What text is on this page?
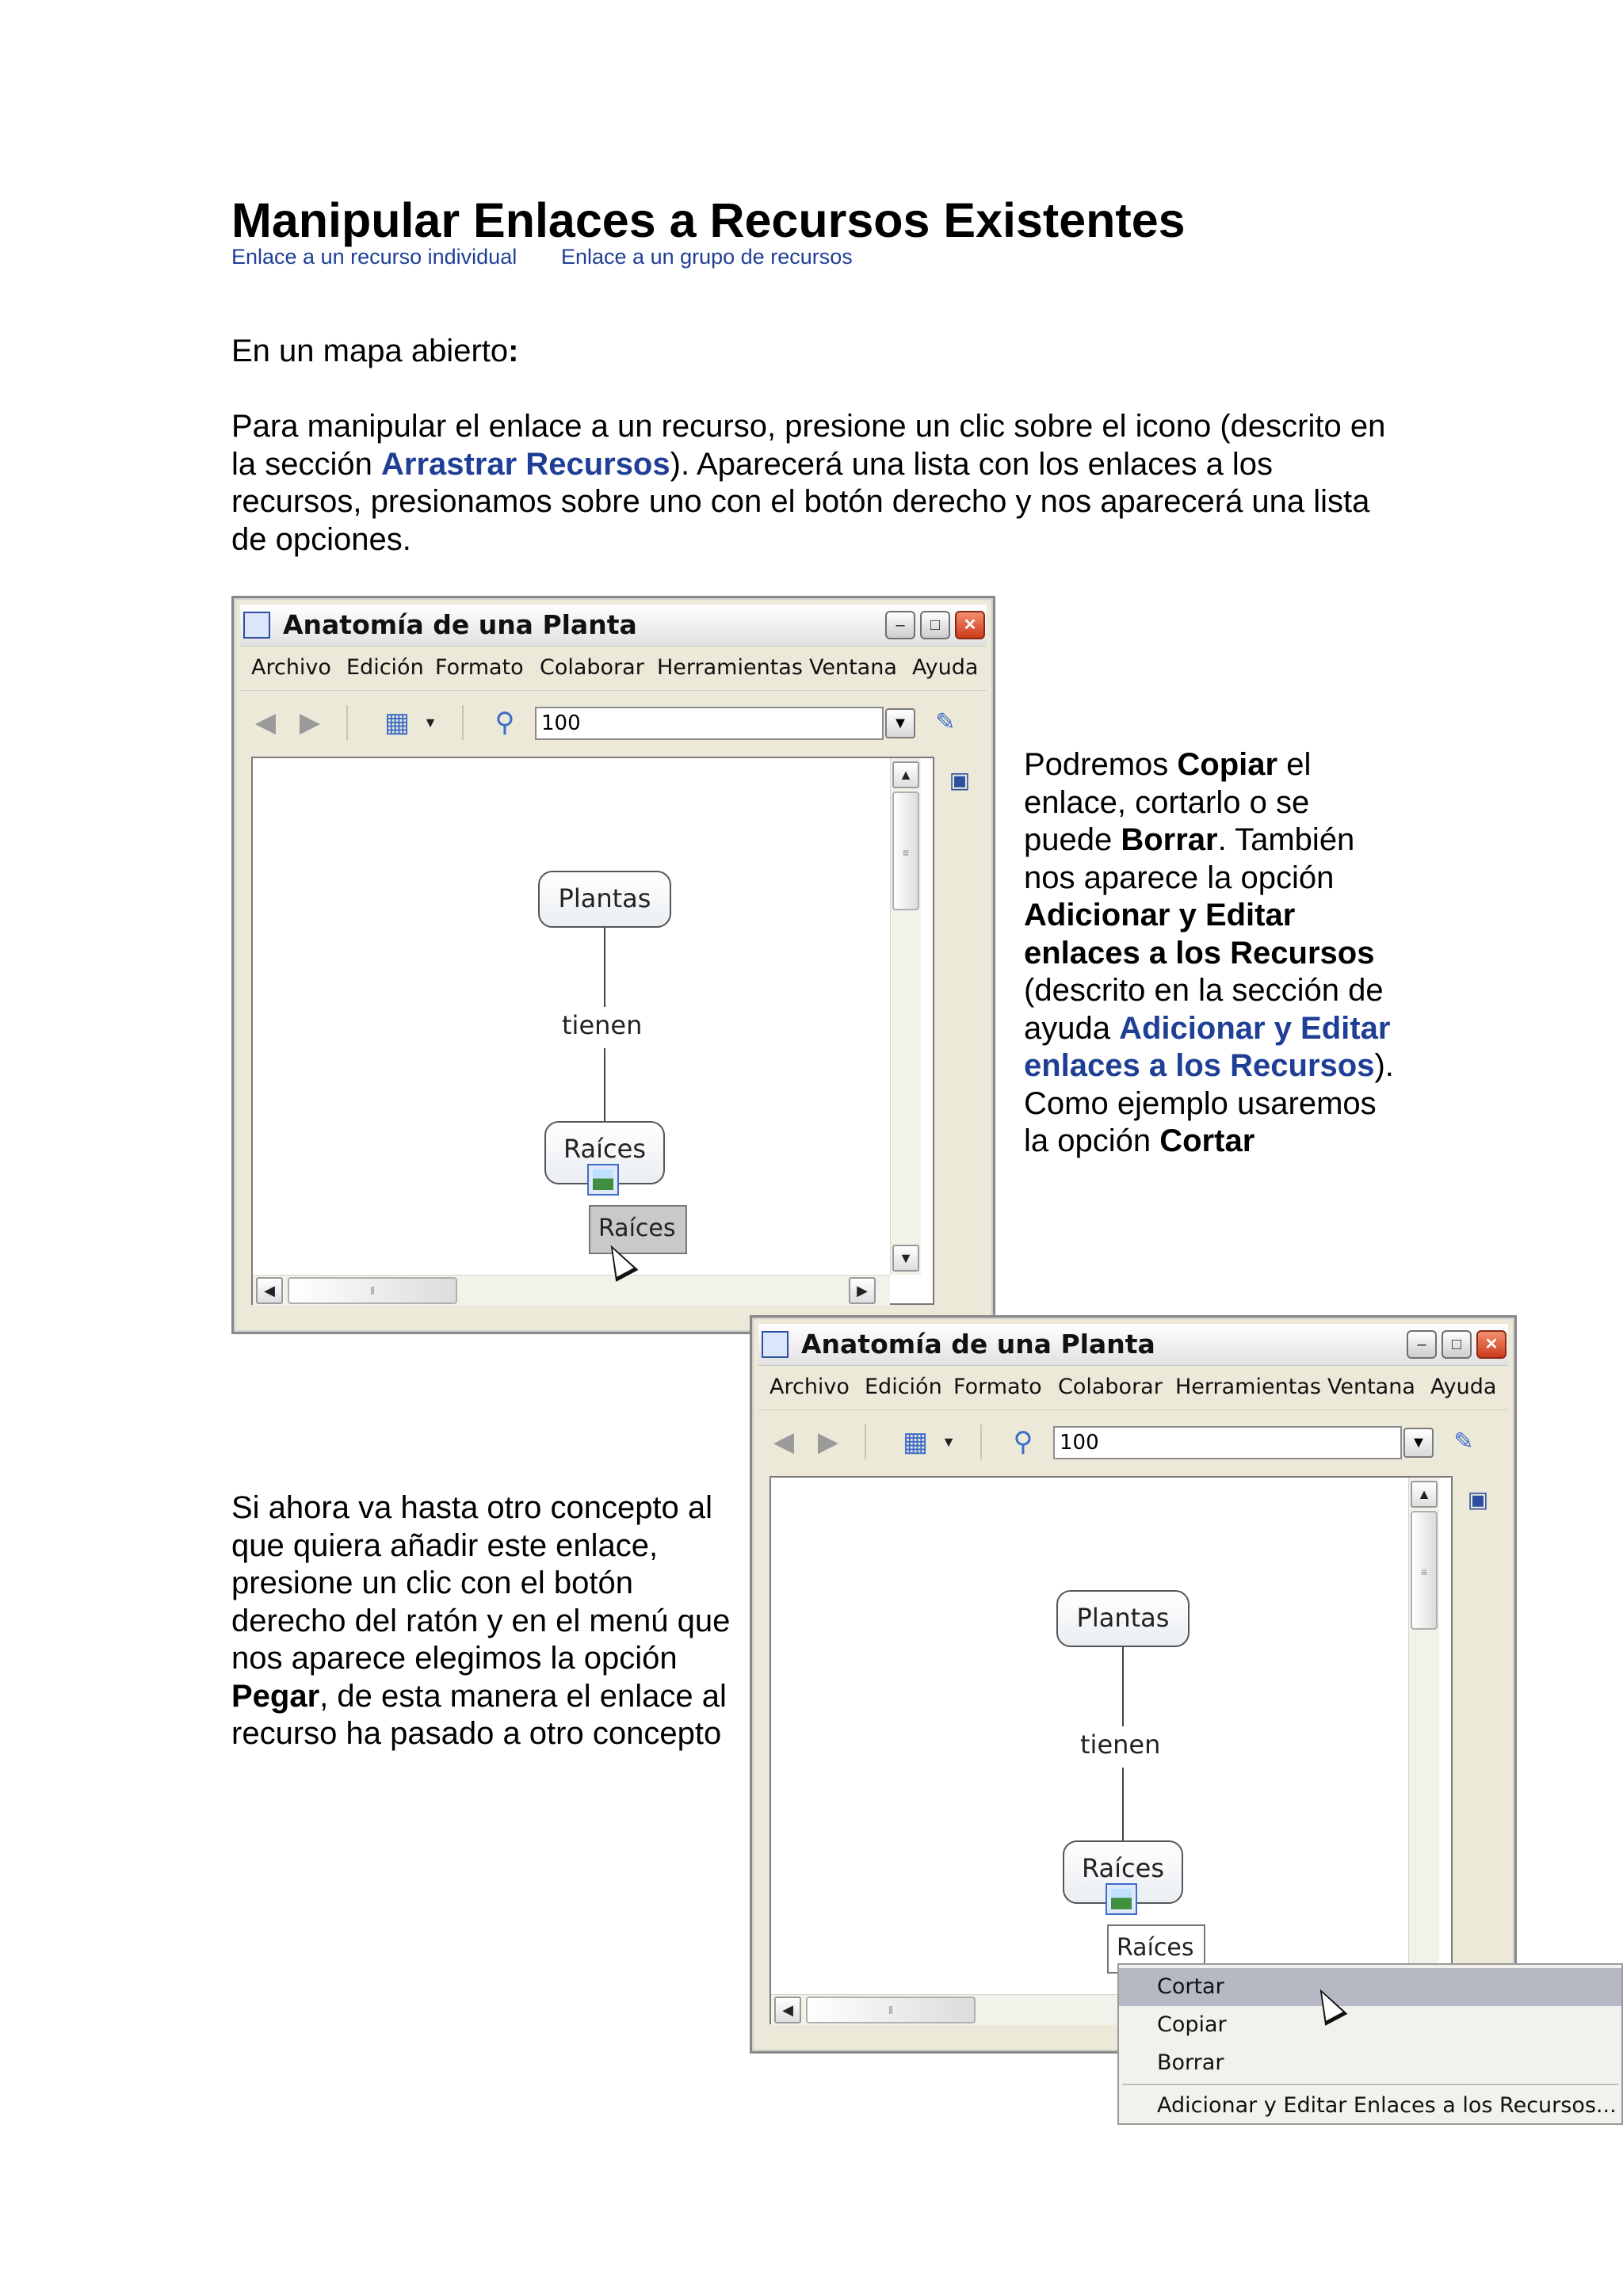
Manipular Enlaces a Recursos Existentes
Enlace a un recurso individual Enlace a un grupo de recursos

En un mapa abierto:

Para manipular el enlace a un recurso, presione un clic sobre el icono (descrito en la sección Arrastrar Recursos). Aparecerá una lista con los enlaces a los recursos, presionamos sobre uno con el botón derecho y nos aparecerá una lista de opciones.

Anatomía de una Planta	–	□	✕
Archivo Edición Formato Colaborar Herramientas Ventana Ayuda
◀ ▶ ▦ ▼ ⚲	100	▼	✎
▲
≡
▼
◀	‖	▶
Plantas
tienen
Raíces
Raíces
▣ Podremos Copiar el enlace, cortarlo o se puede Borrar. También nos aparece la opción Adicionar y Editar enlaces a los Recursos (descrito en la sección de ayuda Adicionar y Editar enlaces a los Recursos). Como ejemplo usaremos la opción Cortar

Anatomía de una Planta	–	□	✕
Archivo Edición Formato Colaborar Herramientas Ventana Ayuda
◀ ▶ ▦ ▼ ⚲	100	▼	✎
▲
≡
◀	‖
Plantas
tienen
Raíces
Raíces
▣
Cortar
Copiar
Borrar
Adicionar y Editar Enlaces a los Recursos...

Si ahora va hasta otro concepto al que quiera añadir este enlace, presione un clic con el botón derecho del ratón y en el menú que nos aparece elegimos la opción Pegar, de esta manera el enlace al recurso ha pasado a otro concepto
